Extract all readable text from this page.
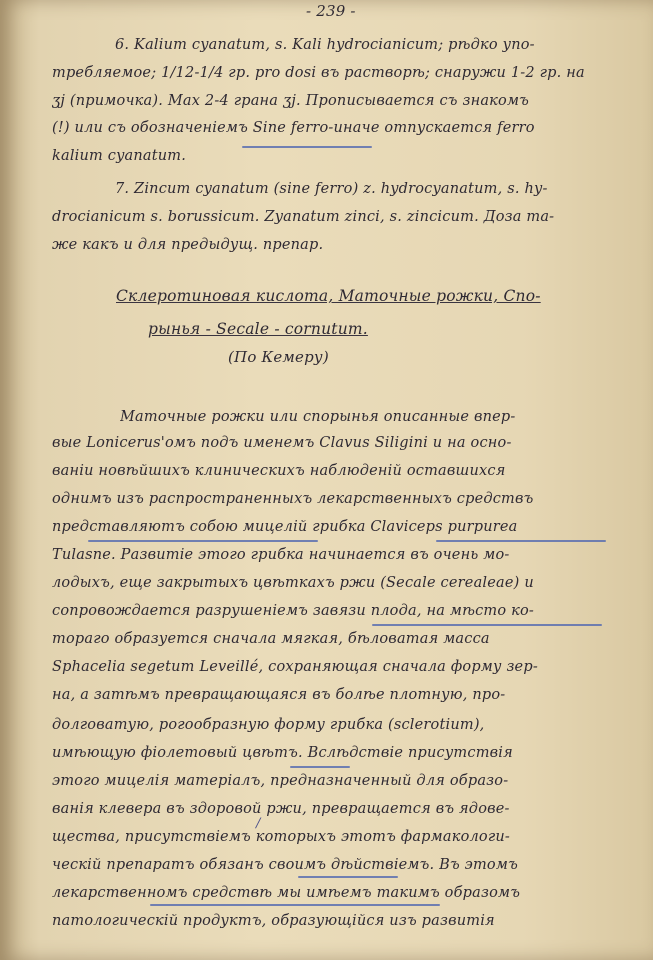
- 239 -
6. Kalium cyanatum, s. Kali hydrocianicum; рѣдко упо-
требляемое; 1/12-1/4 гр. pro dosi въ растворѣ; снаружи 1-2 гр. на
ʒj (примочка). Max 2-4 грана ʒj. Прописывается съ знакомъ
(!) или съ обозначеніемъ Sine ferro-иначе отпускается ferro
kalium cyanatum.
7. Zincum cyanatum (sine ferro) z. hydrocyanatum, s. hy-
drocianicum s. borussicum. Zyanatum zinci, s. zincicum. Доза та-
же какъ и для предыдущ. препар.
Склеротиновая кислота, Маточные рожки, Спо-
рынья - Secale - cornutum.
(По Кемеру)
Маточные рожки или спорынья описанные впер-
вые Lonicerus'омъ подъ именемъ Clavus Siligini и на осно-
ваніи новѣйшихъ клиническихъ наблюденій оставшихся
однимъ изъ распространенныхъ лекарственныхъ средствъ
представляютъ собою мицелій грибка Claviceps purpurea
Tulasne. Развитіе этого грибка начинается въ очень мо-
лодыхъ, еще закрытыхъ цвѣткахъ ржи (Secale cerealeae) и
сопровождается разрушеніемъ завязи плода, на мѣсто ко-
тораго образуется сначала мягкая, бѣловатая масса
Sphacelia segetum Leveillé, сохраняющая сначала форму зер-
на, а затѣмъ превращающаяся въ болѣе плотную, про-
долговатую, рогообразную форму грибка (sclerotium),
имѣющую фіолетовый цвѣтъ. Вслѣдствіе присутствія
этого мицелія матеріалъ, предназначенный для образо-
ванія клевера въ здоровой ржи, превращается въ ядове-
щества, присутствіемъ которыхъ этотъ фармакологи-
ческій препаратъ обязанъ своимъ дѣйствіемъ. Въ этомъ
лекарственномъ средствѣ мы имѣемъ такимъ образомъ
патологическій продуктъ, образующійся изъ развитія
/
